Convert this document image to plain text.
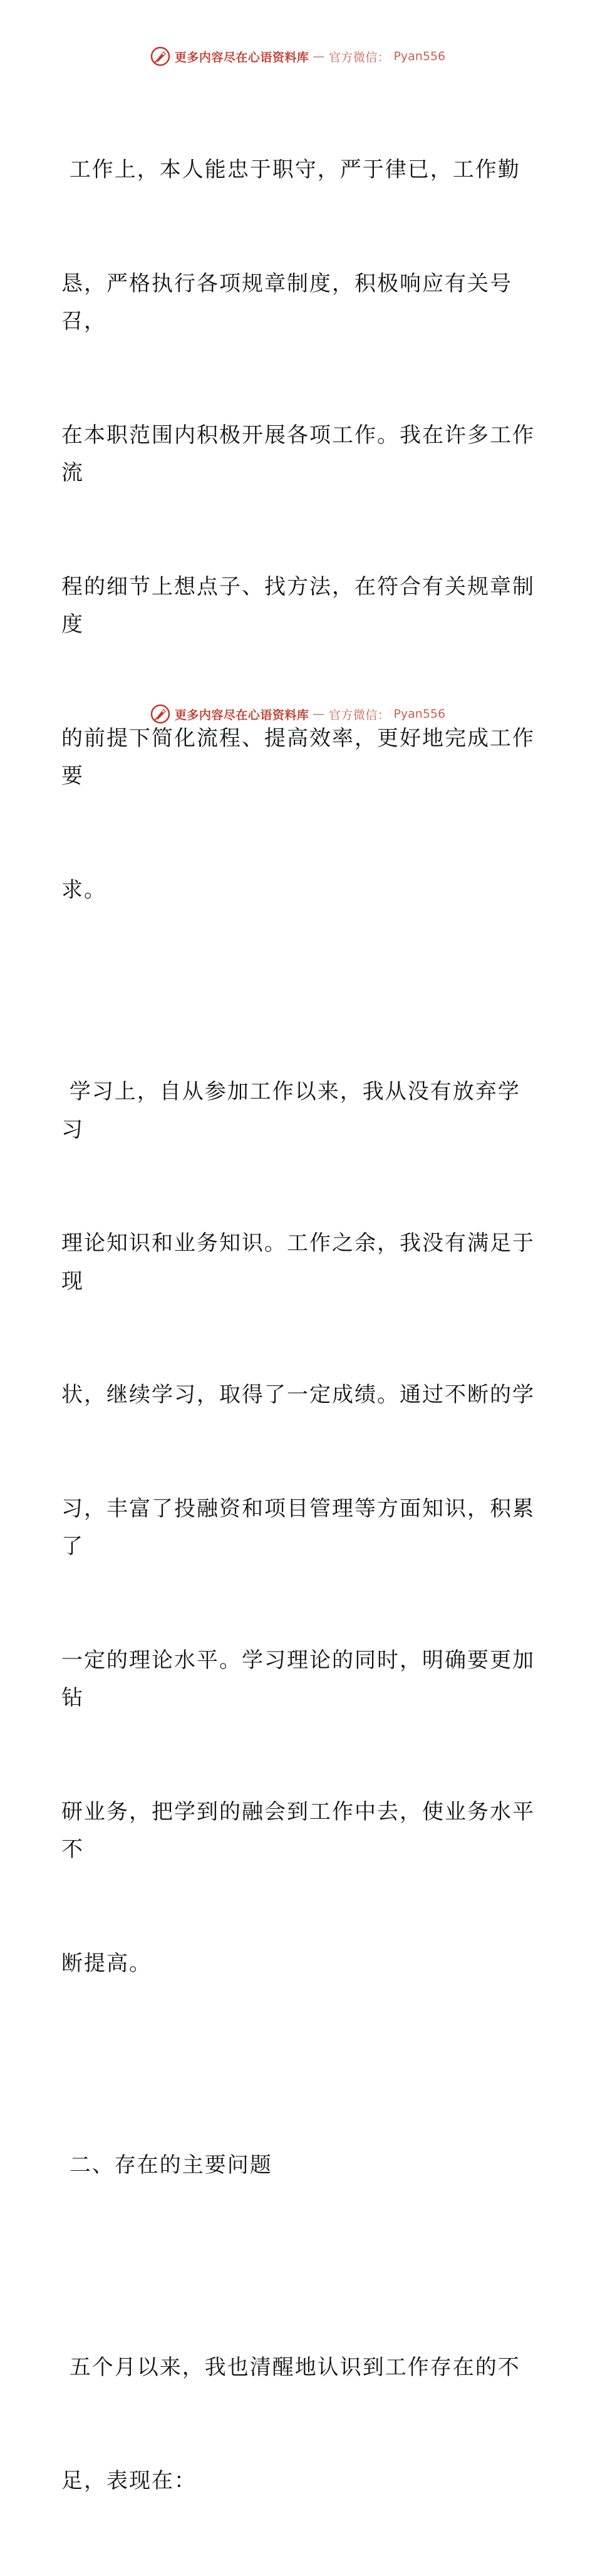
更多内容尽在心语资料库 — 官方微信： Pyan556

工作上，本人能忠于职守，严于律已，工作勤

恳，严格执行各项规章制度，积极响应有关号召，

在本职范围内积极开展各项工作。我在许多工作流

程的细节上想点子、找方法，在符合有关规章制度

的前提下简化流程、提高效率，更好地完成工作要

求。

学习上，自从参加工作以来，我从没有放弃学习

理论知识和业务知识。工作之余，我没有满足于现

状，继续学习，取得了一定成绩。通过不断的学

习，丰富了投融资和项目管理等方面知识，积累了

一定的理论水平。学习理论的同时，明确要更加钻

研业务，把学到的融会到工作中去，使业务水平不

断提高。

二、存在的主要问题

五个月以来，我也清醒地认识到工作存在的不

足，表现在：

更多内容尽在心语资料库 — 官方微信： Pyan556
